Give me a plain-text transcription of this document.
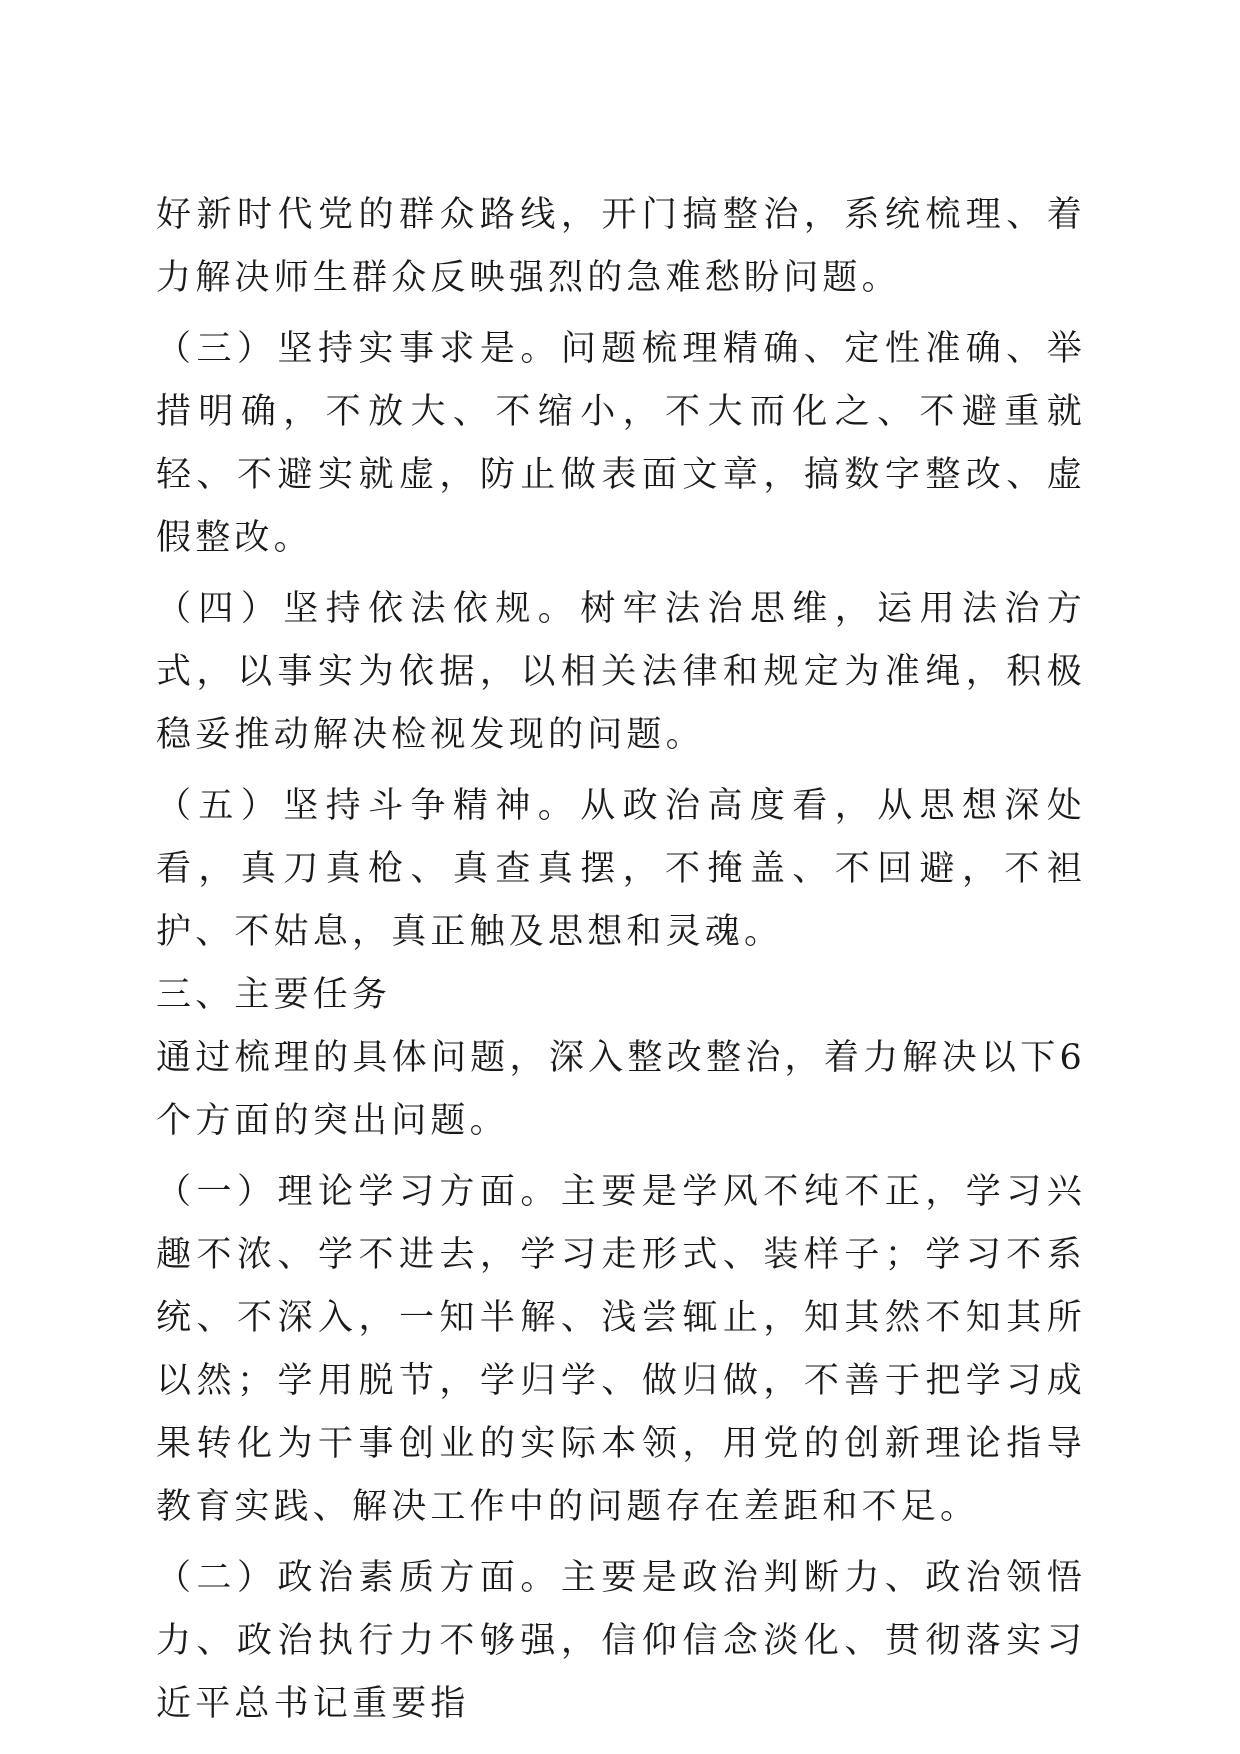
好新时代党的群众路线，开门搞整治，系统梳理、着力解决师生群众反映强烈的急难愁盼问题。

（三）坚持实事求是。问题梳理精确、定性准确、举措明确，不放大、不缩小，不大而化之、不避重就轻、不避实就虚，防止做表面文章，搞数字整改、虚假整改。

（四）坚持依法依规。树牢法治思维，运用法治方式，以事实为依据，以相关法律和规定为准绳，积极稳妥推动解决检视发现的问题。

（五）坚持斗争精神。从政治高度看，从思想深处看，真刀真枪、真查真摆，不掩盖、不回避，不袒护、不姑息，真正触及思想和灵魂。

三、主要任务

通过梳理的具体问题，深入整改整治，着力解决以下6个方面的突出问题。

（一）理论学习方面。主要是学风不纯不正，学习兴趣不浓、学不进去，学习走形式、装样子；学习不系统、不深入，一知半解、浅尝辄止，知其然不知其所以然；学用脱节，学归学、做归做，不善于把学习成果转化为干事创业的实际本领，用党的创新理论指导教育实践、解决工作中的问题存在差距和不足。

（二）政治素质方面。主要是政治判断力、政治领悟力、政治执行力不够强，信仰信念淡化、贯彻落实习近平总书记重要指
